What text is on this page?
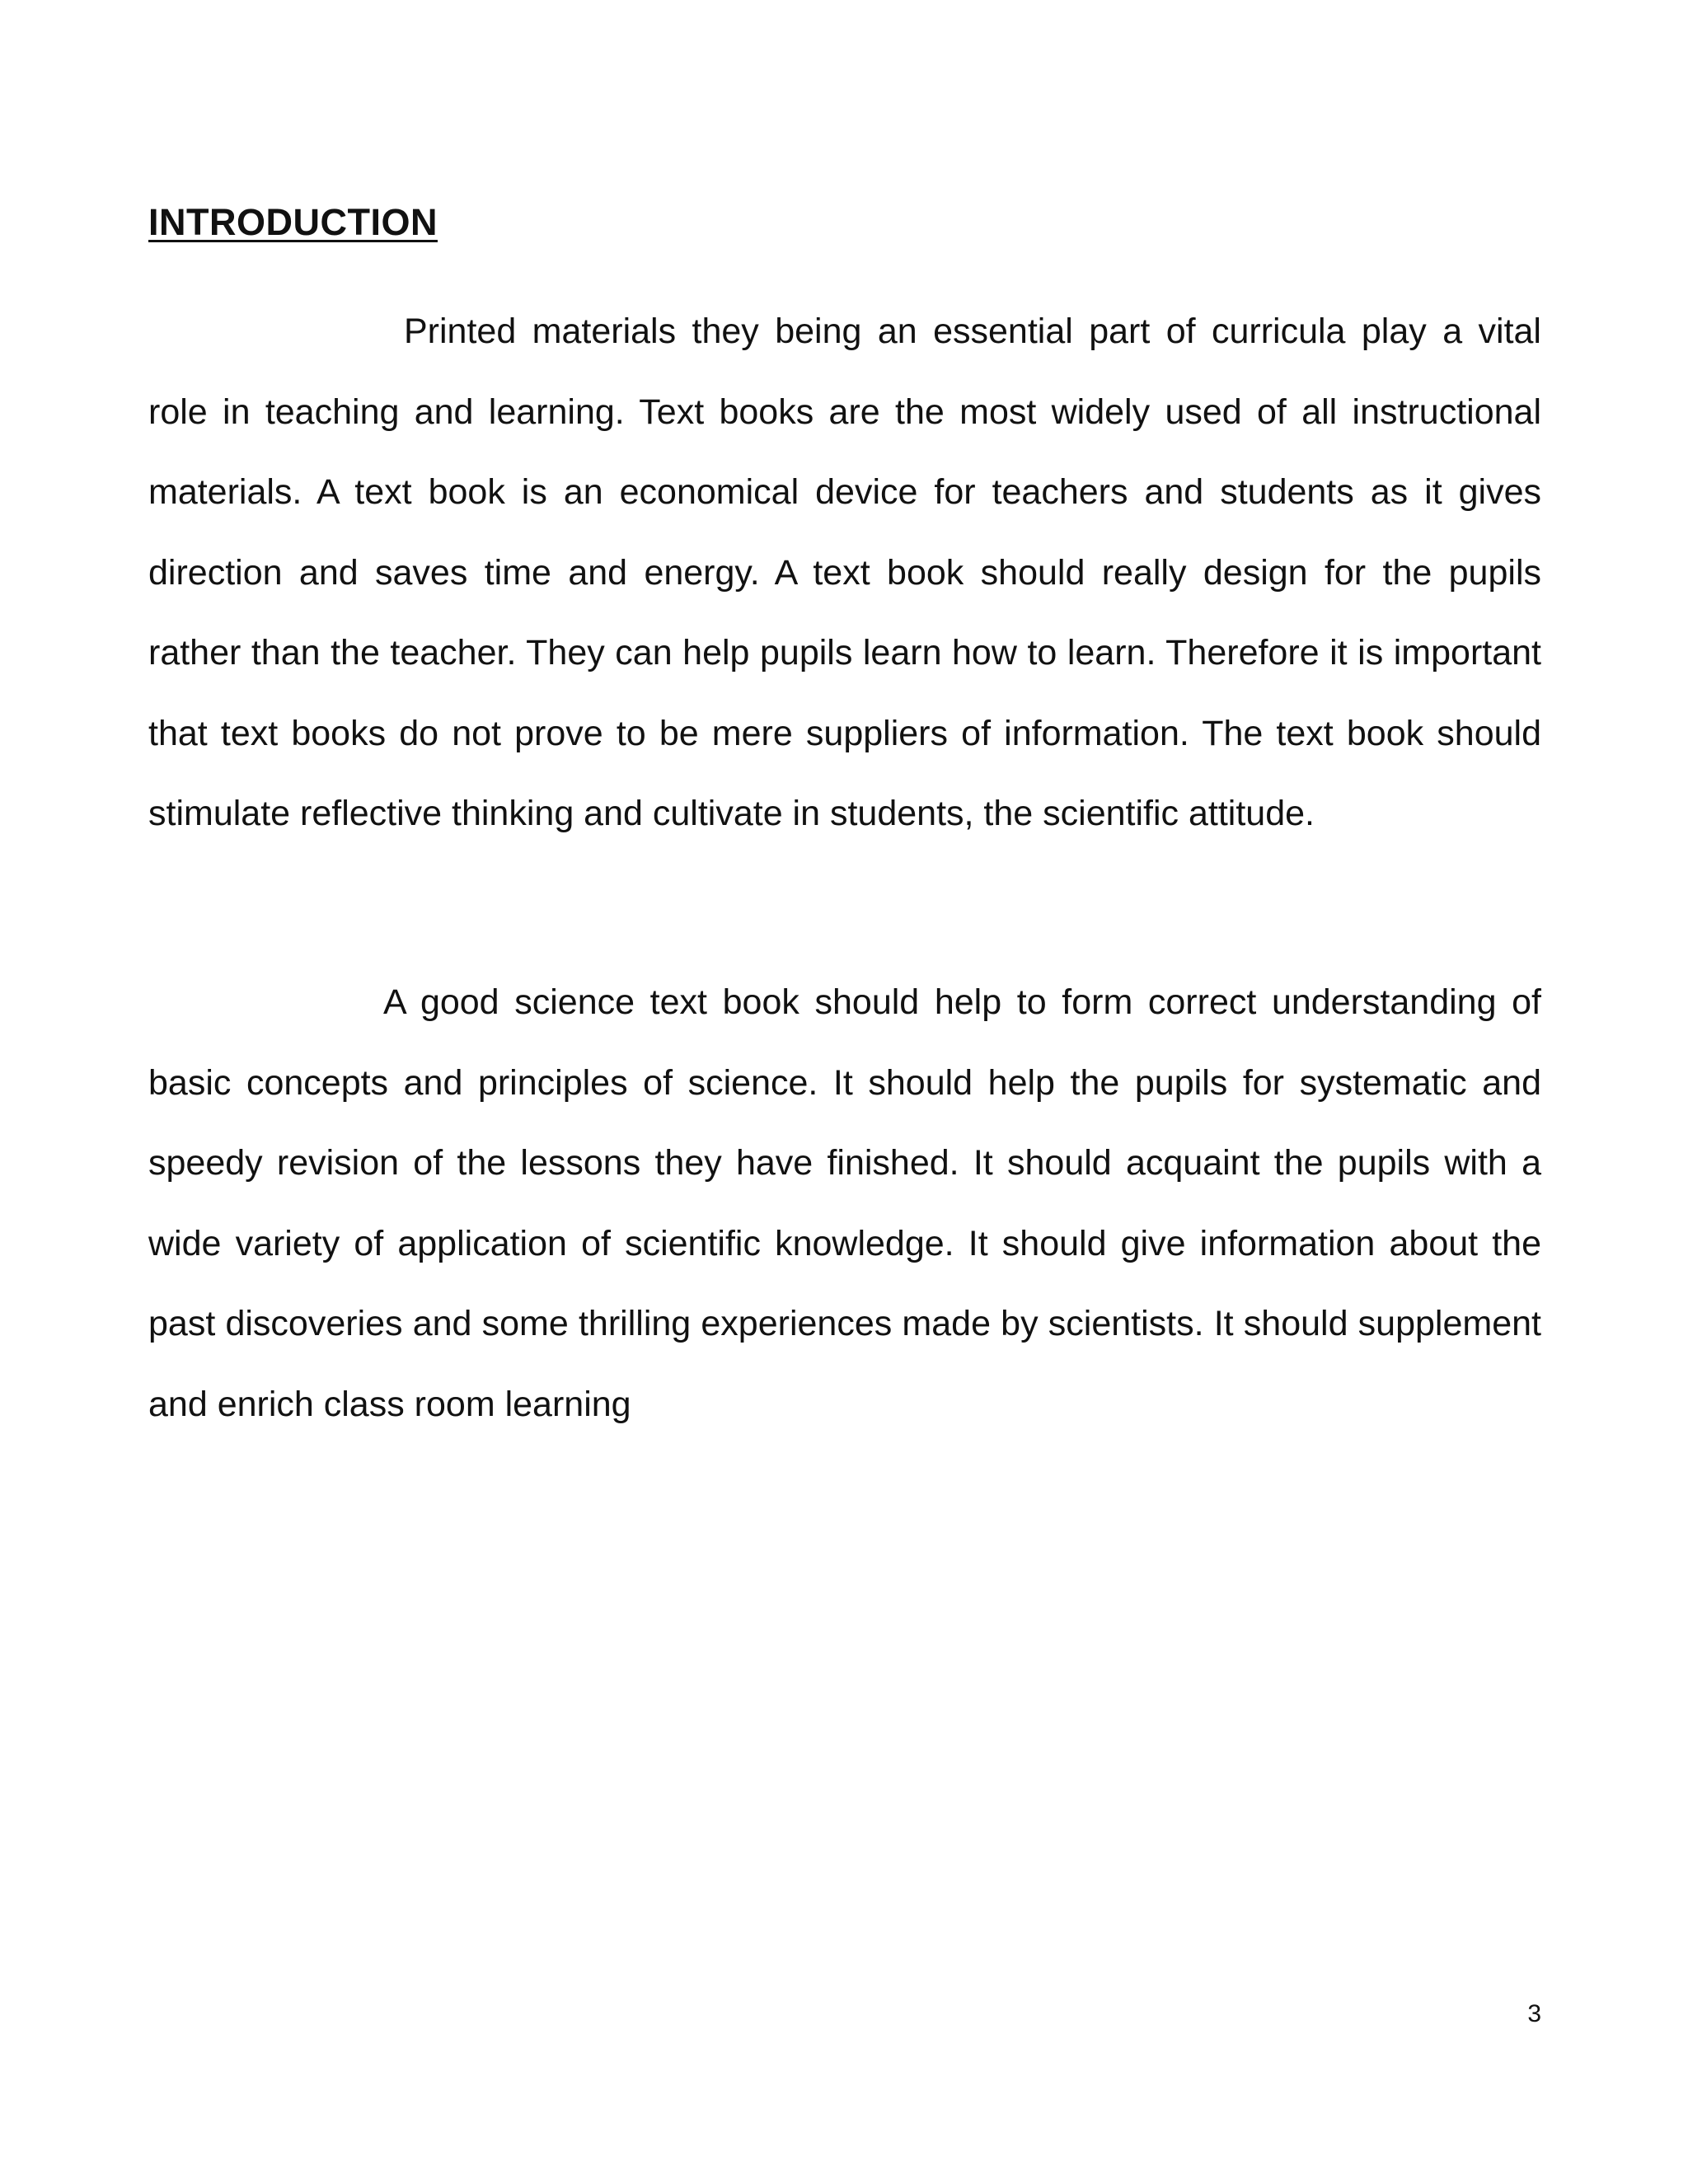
INTRODUCTION

Printed materials they being an essential part of curricula play a vital role in teaching and learning. Text books are the most widely used of all instructional materials. A text book is an economical device for teachers and students as it gives direction and saves time and energy. A text book should really design for the pupils rather than the teacher. They can help pupils learn how to learn. Therefore it is important that text books do not prove to be mere suppliers of information. The text book should stimulate reflective thinking and cultivate in students, the scientific attitude.

A good science text book should help to form correct understanding of basic concepts and principles of science. It should help the pupils for systematic and speedy revision of the lessons they have finished. It should acquaint the pupils with a wide variety of application of scientific knowledge. It should give information about the past discoveries and some thrilling experiences made by scientists. It should supplement and enrich class room learning

3
